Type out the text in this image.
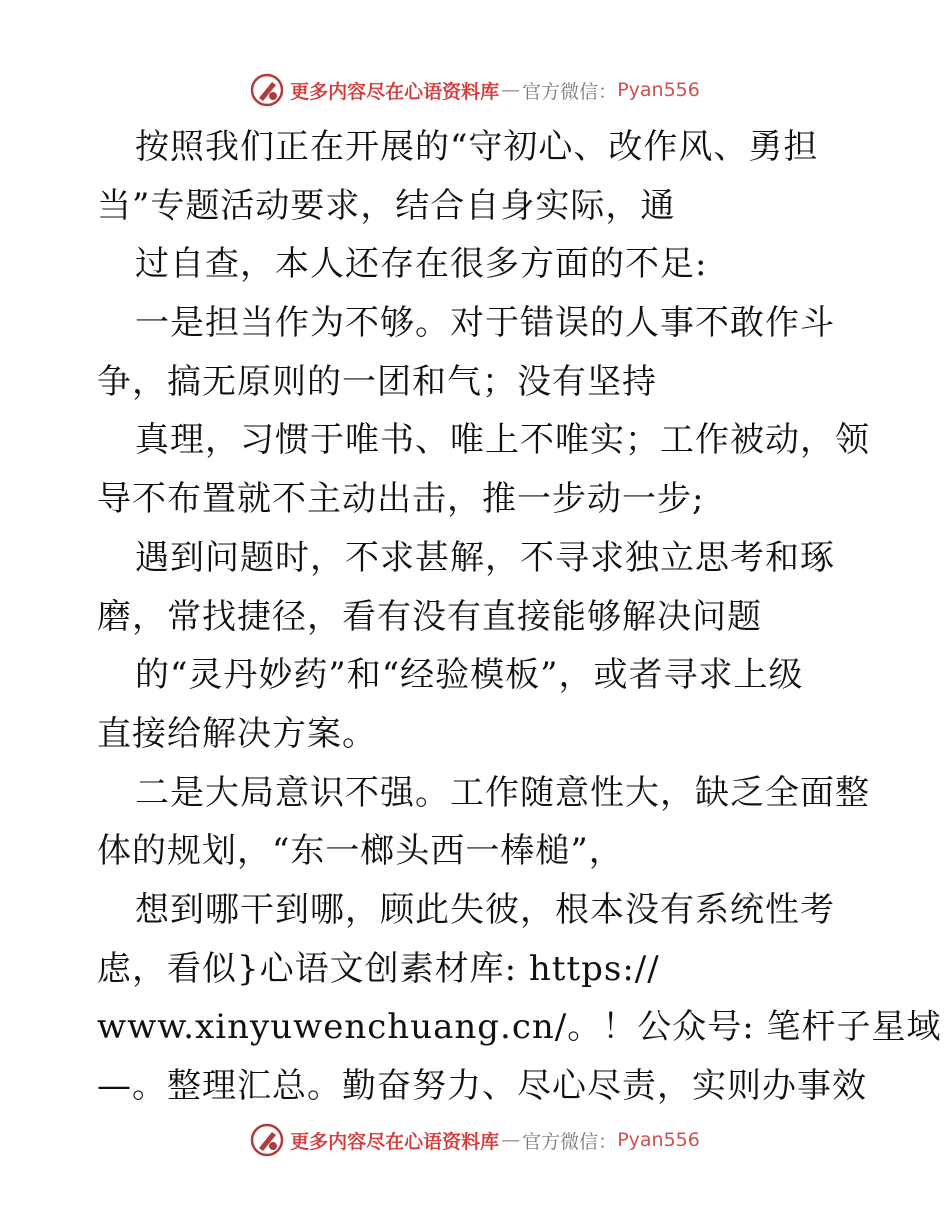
更多内容尽在心语资料库 — 官方微信： Pyan556
按照我们正在开展的“守初心、改作风、勇担
当”专题活动要求，结合自身实际，通
过自查，本人还存在很多方面的不足:
一是担当作为不够。对于错误的人事不敢作斗
争，搞无原则的一团和气；没有坚持
真理，习惯于唯书、唯上不唯实；工作被动，领
导不布置就不主动出击，推一步动一步;
遇到问题时，不求甚解，不寻求独立思考和琢
磨，常找捷径，看有没有直接能够解决问题
的“灵丹妙药”和“经验模板”，或者寻求上级
直接给解决方案。
二是大局意识不强。工作随意性大，缺乏全面整
体的规划，“东一榔头西一棒槌”，
想到哪干到哪，顾此失彼，根本没有系统性考
虑，看似}心语文创素材库: https://
www.xinyuwenchuang.cn/。！公众号: 笔杆子星域
—。整理汇总。勤奋努力、尽心尽责，实则办事效
更多内容尽在心语资料库 — 官方微信： Pyan556
